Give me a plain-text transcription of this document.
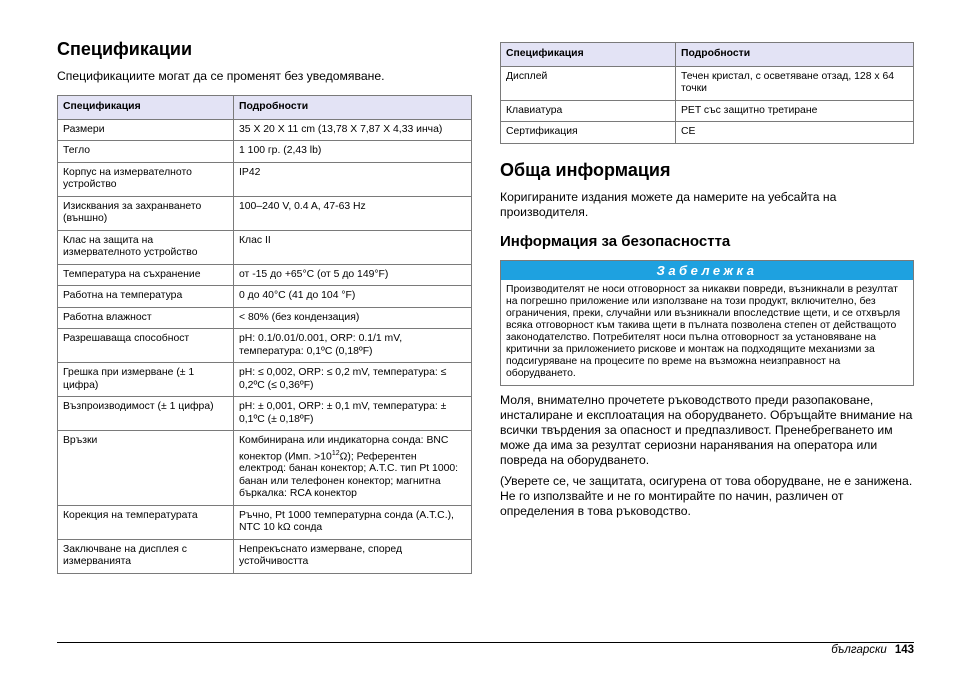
Спецификации

Спецификациите могат да се променят без уведомяване.

Спецификация	Подробности
Размери	35 X 20 X 11 cm (13,78 X 7,87 X 4,33 инча)
Тегло	1 100 гр. (2,43 lb)
Корпус на измервателното устройство	IP42
Изисквания за захранването (външно)	100–240 V, 0.4 A, 47-63 Hz
Клас на защита на измервателното устройство	Клас II
Температура на съхранение	от -15 до +65°C (от 5 до 149°F)
Работна на температура	0 до 40°C (41 до 104 °F)
Работна влажност	< 80% (без кондензация)
Разрешаваща способност	pH: 0.1/0.01/0.001, ORP: 0.1/1 mV, температура: 0,1ºC (0,18ºF)
Грешка при измерване (± 1 цифра)	pH: ≤ 0,002, ORP: ≤ 0,2 mV, температура: ≤ 0,2ºC (≤ 0,36ºF)
Възпроизводимост (± 1 цифра)	pH: ± 0,001, ORP: ± 0,1 mV, температура: ± 0,1ºC (± 0,18ºF)
Връзки	Комбинирана или индикаторна сонда: BNC конектор (Имп. $>10^{12}\Omega$); Референтен електрод: банан конектор; A.T.C. тип Pt 1000: банан или телефонен конектор; магнитна бъркалка: RCA конектор
Корекция на температурата	Ръчно, Pt 1000 температурна сонда (A.T.C.), NTC 10 kΩ сонда
Заключване на дисплея с измерванията	Непрекъснато измерване, според устойчивостта
Спецификация	Подробности
Дисплей	Течен кристал, с осветяване отзад, 128 x 64 точки
Клавиатура	PET със защитно третиране
Сертификация	CE
Обща информация

Коригираните издания можете да намерите на уебсайта на производителя.

Информация за безопасността
Забележка
Производителят не носи отговорност за никакви повреди, възникнали в резултат на погрешно приложение или използване на този продукт, включително, без ограничения, преки, случайни или възникнали впоследствие щети, и се отхвърля всяка отговорност към такива щети в пълната позволена степен от действащото законодателство. Потребителят носи пълна отговорност за установяване на критични за приложението рискове и монтаж на подходящите механизми за подсигуряване на процесите по време на възможна неизправност на оборудването.

Моля, внимателно прочетете ръководството преди разопаковане, инсталиране и експлоатация на оборудването. Обръщайте внимание на всички твърдения за опасност и предпазливост. Пренебрегването им може да има за резултат сериозни наранявания на оператора или повреда на оборудването.

(Уверете се, че защитата, осигурена от това оборудване, не е занижена. Не го използвайте и не го монтирайте по начин, различен от определения в това ръководство.

български 143
